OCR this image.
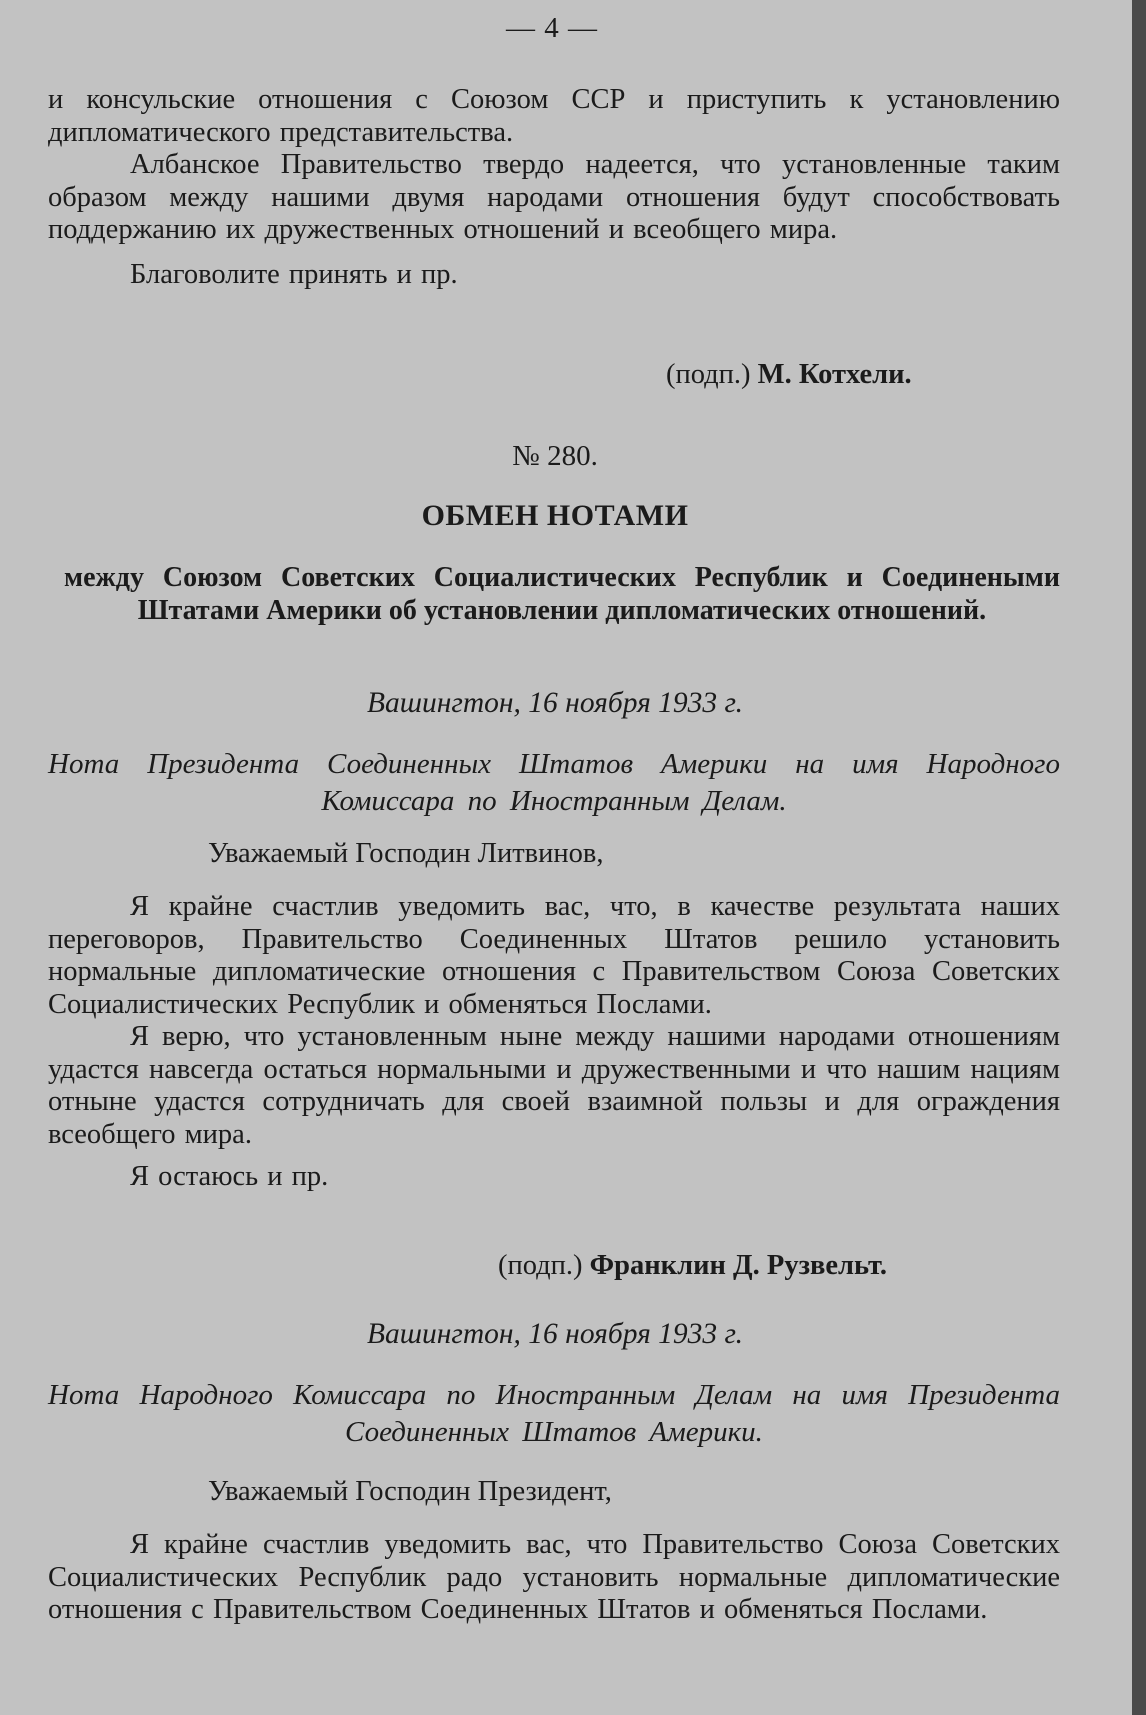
— 4 —

и консульские отношения с Союзом ССР и приступить к установлению дипломатического представительства.

Албанское Правительство твердо надеется, что установленные таким образом между нашими двумя народами отношения будут способствовать поддержанию их дружественных отношений и всеобщего мира.

Благоволите принять и пр.

(подп.) М. Котхели.
№ 280.
ОБМЕН НОТАМИ

между Союзом Советских Социалистических Республик и Соединеными Штатами Америки об установлении дипломатических отношений.

Вашингтон, 16 ноября 1933 г.

Нота Президента Соединенных Штатов Америки на имя Народного Комиссара по Иностранным Делам.

Уважаемый Господин Литвинов,

Я крайне счастлив уведомить вас, что, в качестве результата наших переговоров, Правительство Соединенных Штатов решило установить нормальные дипломатические отношения с Правительством Союза Советских Социалистических Республик и обменяться Послами.

Я верю, что установленным ныне между нашими народами отношениям удастся навсегда остаться нормальными и дружественными и что нашим нациям отныне удастся сотрудничать для своей взаимной пользы и для ограждения всеобщего мира.

Я остаюсь и пр.

(подп.) Франклин Д. Рузвельт.
Вашингтон, 16 ноября 1933 г.

Нота Народного Комиссара по Иностранным Делам на имя Президента Соединенных Штатов Америки.

Уважаемый Господин Президент,

Я крайне счастлив уведомить вас, что Правительство Союза Советских Социалистических Республик радо установить нормальные дипломатические отношения с Правительством Соединенных Штатов и обменяться Послами.
